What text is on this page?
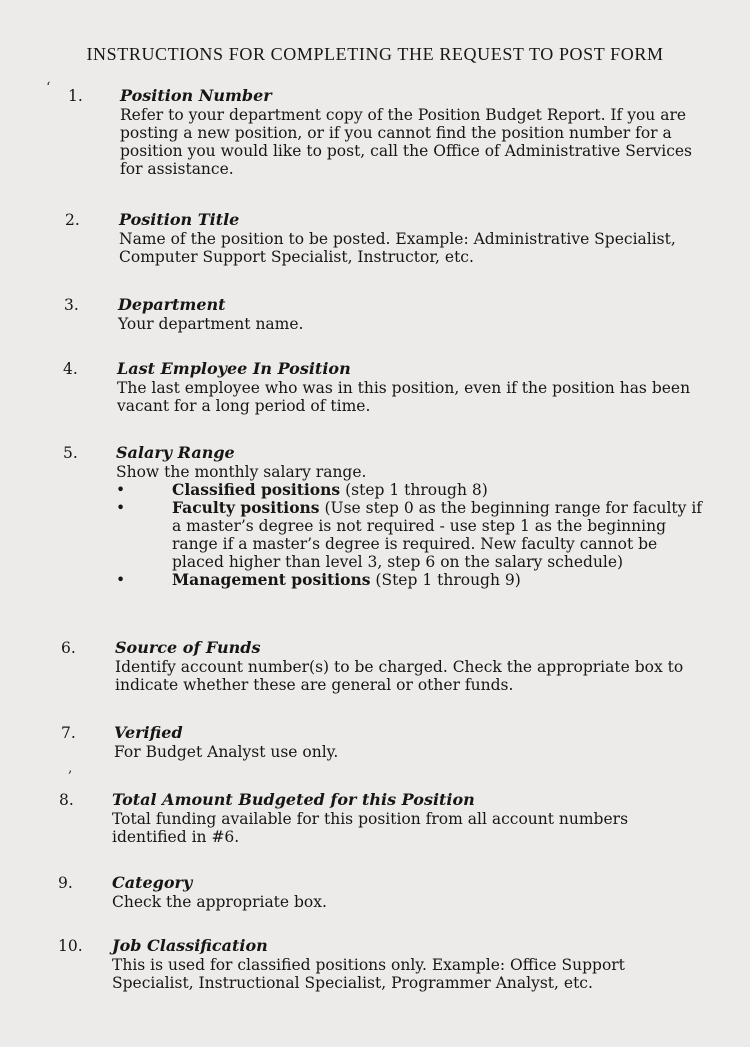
INSTRUCTIONS FOR COMPLETING THE REQUEST TO POST FORM
‘ 1.	Position Number

Refer to your department copy of the Position Budget Report. If you are posting a new position, or if you cannot find the position number for a position you would like to post, call the Office of Administrative Services for assistance.

2.	Position Title

Name of the position to be posted. Example: Administrative Specialist, Computer Support Specialist, Instructor, etc.

3.	Department

Your department name.

4.	Last Employee In Position

The last employee who was in this position, even if the position has been vacant for a long period of time.

5.	Salary Range

Show the monthly salary range.

•	Classified positions (step 1 through 8)
•	Faculty positions (Use step 0 as the beginning range for faculty if a master’s degree is not required - use step 1 as the beginning range if a master’s degree is required. New faculty cannot be placed higher than level 3, step 6 on the salary schedule)
•	Management positions (Step 1 through 9)
6.	Source of Funds

Identify account number(s) to be charged. Check the appropriate box to indicate whether these are general or other funds.

7.	Verified

For Budget Analyst use only.

,
8.	Total Amount Budgeted for this Position

Total funding available for this position from all account numbers identified in #6.

9.	Category

Check the appropriate box.

10.	Job Classification

This is used for classified positions only. Example: Office Support Specialist, Instructional Specialist, Programmer Analyst, etc.
